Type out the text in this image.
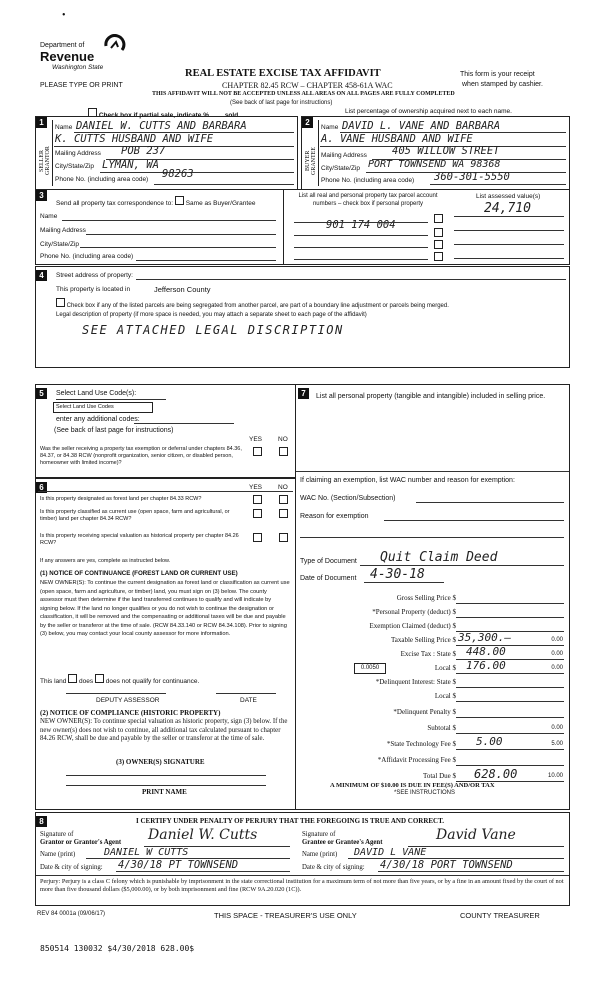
•
Department of
Revenue
Washington State
PLEASE TYPE OR PRINT
REAL ESTATE EXCISE TAX AFFIDAVIT
CHAPTER 82.45 RCW – CHAPTER 458-61A WAC
THIS AFFIDAVIT WILL NOT BE ACCEPTED UNLESS ALL AREAS ON ALL PAGES ARE FULLY COMPLETED
This form is your receipt
when stamped by cashier.
(See back of last page for instructions)
Check box if partial sale, indicate % sold.
List percentage of ownership acquired next to each name.
1
SELLER GRANTOR
Name DANIEL W. CUTTS AND BARBARA
K. CUTTS HUSBAND AND WIFE
Mailing Address POB 237
City/State/Zip LYMAN, WA
Phone No. (including area code) 98263
2
BUYER GRANTEE
Name DAVID L. VANE AND BARBARA
A. VANE HUSBAND AND WIFE
Mailing Address 405 WILLOW STREET
City/State/Zip PORT TOWNSEND WA 98368
Phone No. (including area code) 360-301-5550
3
Send all property tax correspondence to: Same as Buyer/Grantee
Name
Mailing Address
City/State/Zip
Phone No. (including area code)
List all real and personal property tax parcel account numbers – check box if personal property
901 174 004
List assessed value(s)
24,710
4	Street address of property:
This property is located in	Jefferson County
Check box if any of the listed parcels are being segregated from another parcel, are part of a boundary line adjustment or parcels being merged.
Legal description of property (if more space is needed, you may attach a separate sheet to each page of the affidavit)
SEE ATTACHED LEGAL DISCRIPTION
5	Select Land Use Code(s):
Select Land Use Codes
enter any additional codes:
(See back of last page for instructions)
YES NO
Was the seller receiving a property tax exemption or deferral under chapters 84.36, 84.37, or 84.38 RCW (nonprofit organization, senior citizen, or disabled person, homeowner with limited income)?
6	YES NO
Is this property designated as forest land per chapter 84.33 RCW?
Is this property classified as current use (open space, farm and agricultural, or timber) land per chapter 84.34 RCW?
Is this property receiving special valuation as historical property per chapter 84.26 RCW?
If any answers are yes, complete as instructed below.
(1) NOTICE OF CONTINUANCE (FOREST LAND OR CURRENT USE)
NEW OWNER(S): To continue the current designation as forest land or classification as current use (open space, farm and agriculture, or timber) land, you must sign on (3) below. The county assessor must then determine if the land transferred continues to qualify and will indicate by signing below. If the land no longer qualifies or you do not wish to continue the designation or classification, it will be removed and the compensating or additional taxes will be due and payable by the seller or transferor at the time of sale. (RCW 84.33.140 or RCW 84.34.108). Prior to signing (3) below, you may contact your local county assessor for more information.
This land does does not qualify for continuance.
DEPUTY ASSESSOR	DATE
(2) NOTICE OF COMPLIANCE (HISTORIC PROPERTY)
NEW OWNER(S): To continue special valuation as historic property, sign (3) below. If the new owner(s) does not wish to continue, all additional tax calculated pursuant to chapter 84.26 RCW, shall be due and payable by the seller or transferor at the time of sale.
(3) OWNER(S) SIGNATURE
PRINT NAME
7	List all personal property (tangible and intangible) included in selling price.
If claiming an exemption, list WAC number and reason for exemption:
WAC No. (Section/Subsection)
Reason for exemption
Type of Document Quit Claim Deed
Date of Document 4-30-18
Gross Selling Price $
*Personal Property (deduct) $
Exemption Claimed (deduct) $
Taxable Selling Price $ 35,300.–	0.00
Excise Tax : State $ 448.00	0.00
0.0050	Local $ 176.00	0.00
*Delinquent Interest: State $
Local $
*Delinquent Penalty $
Subtotal $	0.00
*State Technology Fee $ 5.00	5.00
*Affidavit Processing Fee $
Total Due $ 628.00	10.00
A MINIMUM OF $10.00 IS DUE IN FEE(S) AND/OR TAX
*SEE INSTRUCTIONS
8	I CERTIFY UNDER PENALTY OF PERJURY THAT THE FOREGOING IS TRUE AND CORRECT.
Signature of
Grantor or Grantor's Agent Daniel W. Cutts
Name (print)	DANIEL W CUTTS
Date & city of signing: 4/30/18 PT TOWNSEND
Signature of
Grantee or Grantee's Agent	David Vane
Name (print) DAVID L VANE
Date & city of signing: 4/30/18 PORT TOWNSEND
Perjury: Perjury is a class C felony which is punishable by imprisonment in the state correctional institution for a maximum term of not more than five years, or by a fine in an amount fixed by the court of not more than five thousand dollars ($5,000.00), or by both imprisonment and fine (RCW 9A.20.020 (1C)).
REV 84 0001a (09/06/17)	THIS SPACE - TREASURER'S USE ONLY	COUNTY TREASURER
850514 130032 $4/30/2018 628.00$
